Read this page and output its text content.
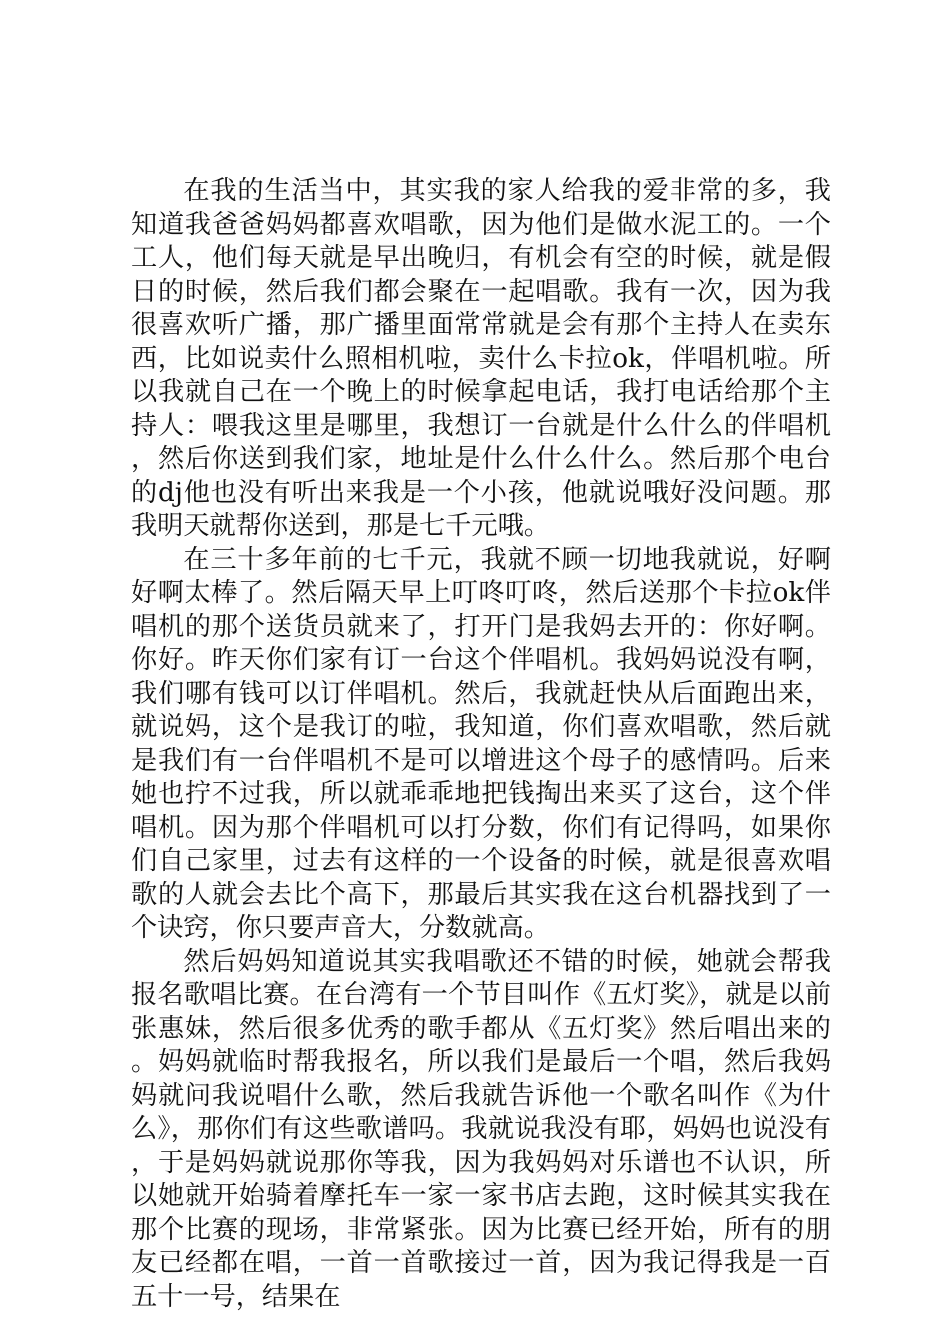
在我的生活当中，其实我的家人给我的爱非常的多，我知道我爸爸妈妈都喜欢唱歌，因为他们是做水泥工的。一个工人，他们每天就是早出晚归，有机会有空的时候，就是假日的时候，然后我们都会聚在一起唱歌。我有一次，因为我很喜欢听广播，那广播里面常常就是会有那个主持人在卖东西，比如说卖什么照相机啦，卖什么卡拉ok，伴唱机啦。所以我就自己在一个晚上的时候拿起电话，我打电话给那个主持人：喂我这里是哪里，我想订一台就是什么什么的伴唱机，然后你送到我们家，地址是什么什么什么。然后那个电台的dj他也没有听出来我是一个小孩，他就说哦好没问题。那我明天就帮你送到，那是七千元哦。

在三十多年前的七千元，我就不顾一切地我就说，好啊好啊太棒了。然后隔天早上叮咚叮咚，然后送那个卡拉ok伴唱机的那个送货员就来了，打开门是我妈去开的：你好啊。你好。昨天你们家有订一台这个伴唱机。我妈妈说没有啊，我们哪有钱可以订伴唱机。然后，我就赶快从后面跑出来，就说妈，这个是我订的啦，我知道，你们喜欢唱歌，然后就是我们有一台伴唱机不是可以增进这个母子的感情吗。后来她也拧不过我，所以就乖乖地把钱掏出来买了这台，这个伴唱机。因为那个伴唱机可以打分数，你们有记得吗，如果你们自己家里，过去有这样的一个设备的时候，就是很喜欢唱歌的人就会去比个高下，那最后其实我在这台机器找到了一个诀窍，你只要声音大，分数就高。

然后妈妈知道说其实我唱歌还不错的时候，她就会帮我报名歌唱比赛。在台湾有一个节目叫作《五灯奖》，就是以前张惠妹，然后很多优秀的歌手都从《五灯奖》然后唱出来的。妈妈就临时帮我报名，所以我们是最后一个唱，然后我妈妈就问我说唱什么歌，然后我就告诉他一个歌名叫作《为什么》，那你们有这些歌谱吗。我就说我没有耶，妈妈也说没有，于是妈妈就说那你等我，因为我妈妈对乐谱也不认识，所以她就开始骑着摩托车一家一家书店去跑，这时候其实我在那个比赛的现场，非常紧张。因为比赛已经开始，所有的朋友已经都在唱，一首一首歌接过一首，因为我记得我是一百五十一号，结果在
